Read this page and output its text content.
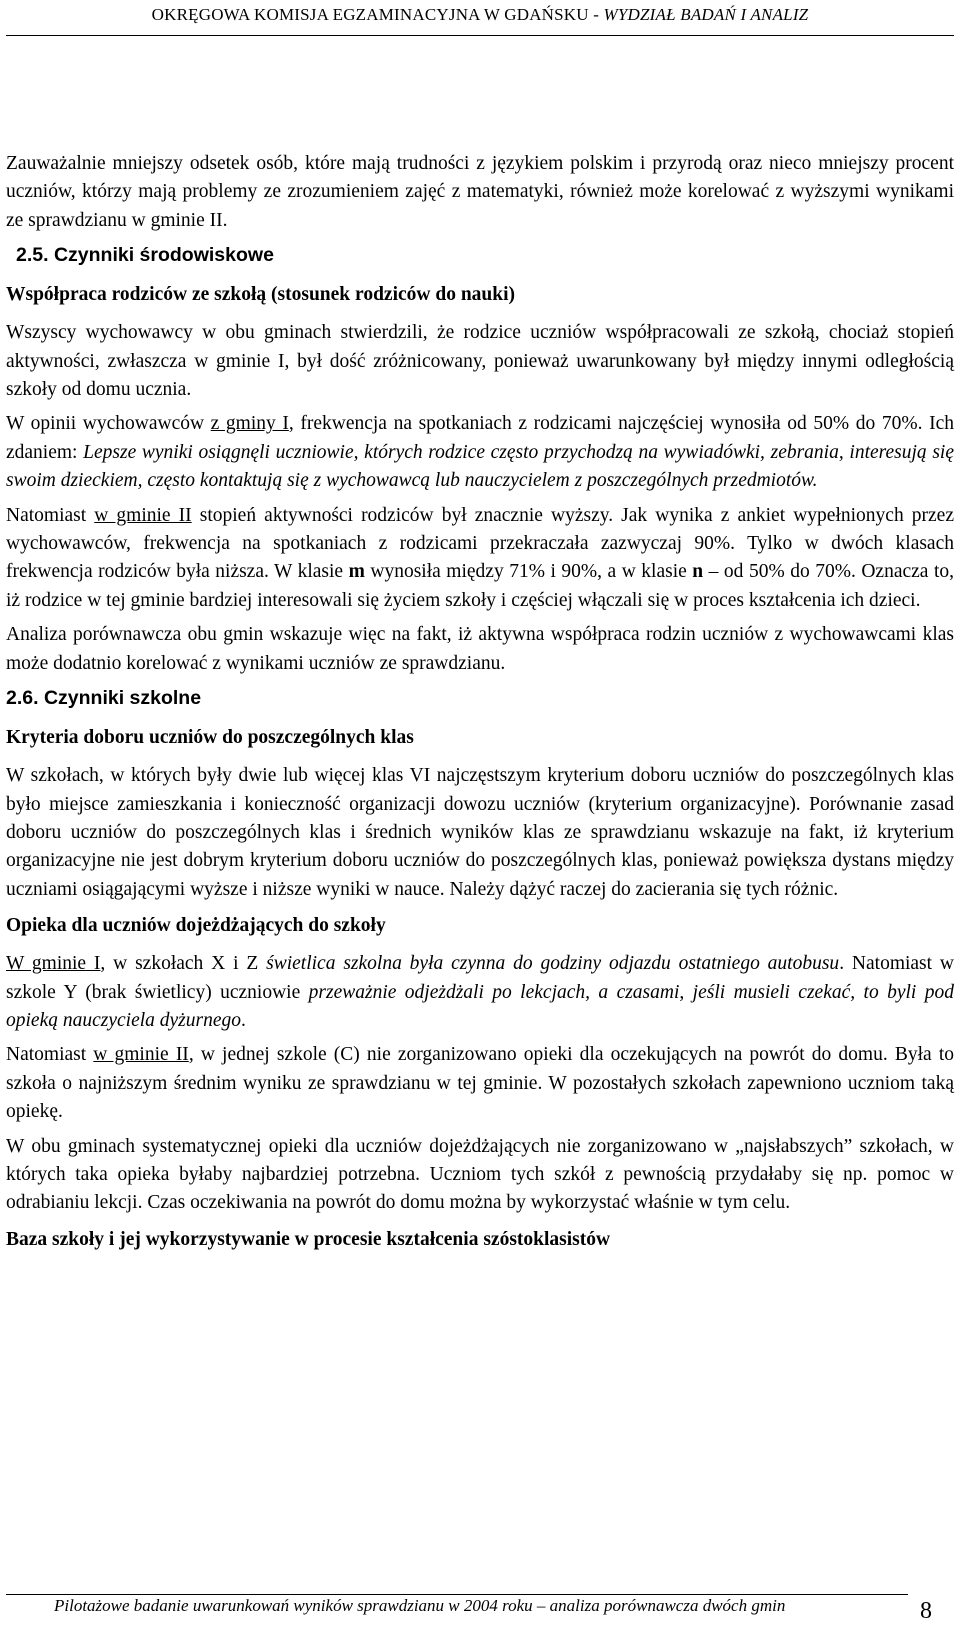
OKRĘGOWA KOMISJA EGZAMINACYJNA W GDAŃSKU - WYDZIAŁ BADAŃ I ANALIZ

Zauważalnie mniejszy odsetek osób, które mają trudności z językiem polskim i przyrodą oraz nieco mniejszy procent uczniów, którzy mają problemy ze zrozumieniem zajęć z matematyki, również może korelować z wyższymi wynikami ze sprawdzianu w gminie II.

2.5. Czynniki środowiskowe
Współpraca rodziców ze szkołą (stosunek rodziców do nauki)

Wszyscy wychowawcy w obu gminach stwierdzili, że rodzice uczniów współpracowali ze szkołą, chociaż stopień aktywności, zwłaszcza w gminie I, był dość zróżnicowany, ponieważ uwarunkowany był między innymi odległością szkoły od domu ucznia.

W opinii wychowawców z gminy I, frekwencja na spotkaniach z rodzicami najczęściej wynosiła od 50% do 70%. Ich zdaniem: Lepsze wyniki osiągnęli uczniowie, których rodzice często przychodzą na wywiadówki, zebrania, interesują się swoim dzieckiem, często kontaktują się z wychowawcą lub nauczycielem z poszczególnych przedmiotów.

Natomiast w gminie II stopień aktywności rodziców był znacznie wyższy. Jak wynika z ankiet wypełnionych przez wychowawców, frekwencja na spotkaniach z rodzicami przekraczała zazwyczaj 90%. Tylko w dwóch klasach frekwencja rodziców była niższa. W klasie m wynosiła między 71% i 90%, a w klasie n – od 50% do 70%. Oznacza to, iż rodzice w tej gminie bardziej interesowali się życiem szkoły i częściej włączali się w proces kształcenia ich dzieci.

Analiza porównawcza obu gmin wskazuje więc na fakt, iż aktywna współpraca rodzin uczniów z wychowawcami klas może dodatnio korelować z wynikami uczniów ze sprawdzianu.

2.6. Czynniki szkolne
Kryteria doboru uczniów do poszczególnych klas

W szkołach, w których były dwie lub więcej klas VI najczęstszym kryterium doboru uczniów do poszczególnych klas było miejsce zamieszkania i konieczność organizacji dowozu uczniów (kryterium organizacyjne). Porównanie zasad doboru uczniów do poszczególnych klas i średnich wyników klas ze sprawdzianu wskazuje na fakt, iż kryterium organizacyjne nie jest dobrym kryterium doboru uczniów do poszczególnych klas, ponieważ powiększa dystans między uczniami osiągającymi wyższe i niższe wyniki w nauce. Należy dążyć raczej do zacierania się tych różnic.

Opieka dla uczniów dojeżdżających do szkoły

W gminie I, w szkołach X i Z świetlica szkolna była czynna do godziny odjazdu ostatniego autobusu. Natomiast w szkole Y (brak świetlicy) uczniowie przeważnie odjeżdżali po lekcjach, a czasami, jeśli musieli czekać, to byli pod opieką nauczyciela dyżurnego.

Natomiast w gminie II, w jednej szkole (C) nie zorganizowano opieki dla oczekujących na powrót do domu. Była to szkoła o najniższym średnim wyniku ze sprawdzianu w tej gminie. W pozostałych szkołach zapewniono uczniom taką opiekę.

W obu gminach systematycznej opieki dla uczniów dojeżdżających nie zorganizowano w „najsłabszych” szkołach, w których taka opieka byłaby najbardziej potrzebna. Uczniom tych szkół z pewnością przydałaby się np. pomoc w odrabianiu lekcji. Czas oczekiwania na powrót do domu można by wykorzystać właśnie w tym celu.

Baza szkoły i jej wykorzystywanie w procesie kształcenia szóstoklasistów
Pilotażowe badanie uwarunkowań wyników sprawdzianu w 2004 roku – analiza porównawcza dwóch gmin	8
